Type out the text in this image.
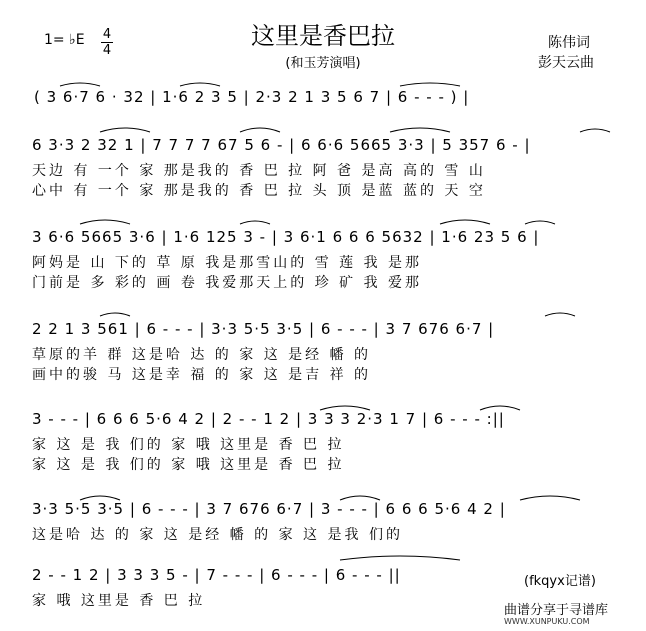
这里是香巴拉
(和玉芳演唱)
1= ♭E 4
4	陈伟词
彭天云曲
( 3 6·7 6 · 32 | 1·6 2 3 5 | 2·3 2 1 3 5 6 7 | 6 - - - ) |
6 3·3 2 32 1 | 7 7 7 7 67 5 6 - | 6 6·6 5665 3·3 | 5 357 6 - |
天边 有 一个 家 那是我的 香 巴 拉 阿 爸 是高 高的 雪 山
心中 有 一个 家 那是我的 香 巴 拉 头 顶 是蓝 蓝的 天 空
3 6·6 5665 3·6 | 1·6 125 3 - | 3 6·1 6 6 6 5632 | 1·6 23 5 6 |
阿妈是 山 下的 草 原 我是那雪山的 雪 莲 我 是那
门前是 多 彩的 画 卷 我爱那天上的 珍 矿 我 爱那
2 2 1 3 561 | 6 - - - | 3·3 5·5 3·5 | 6 - - - | 3 7 676 6·7 |
草原的羊 群 这是哈 达 的 家 这 是经 幡 的
画中的骏 马 这是幸 福 的 家 这 是吉 祥 的
3 - - - | 6 6 6 5·6 4 2 | 2 - - 1 2 | 3 3 3 2·3 1 7 | 6 - - - :||
家 这 是 我 们的 家 哦 这里是 香 巴 拉
家 这 是 我 们的 家 哦 这里是 香 巴 拉
3·3 5·5 3·5 | 6 - - - | 3 7 676 6·7 | 3 - - - | 6 6 6 5·6 4 2 |
这是哈 达 的 家 这 是经 幡 的 家 这 是我 们的
2 - - 1 2 | 3 3 3 5 - | 7 - - - | 6 - - - | 6 - - - ||
家 哦 这里是 香 巴 拉
(fkqyx记谱)
曲谱分享于寻谱库
WWW.XUNPUKU.COM
